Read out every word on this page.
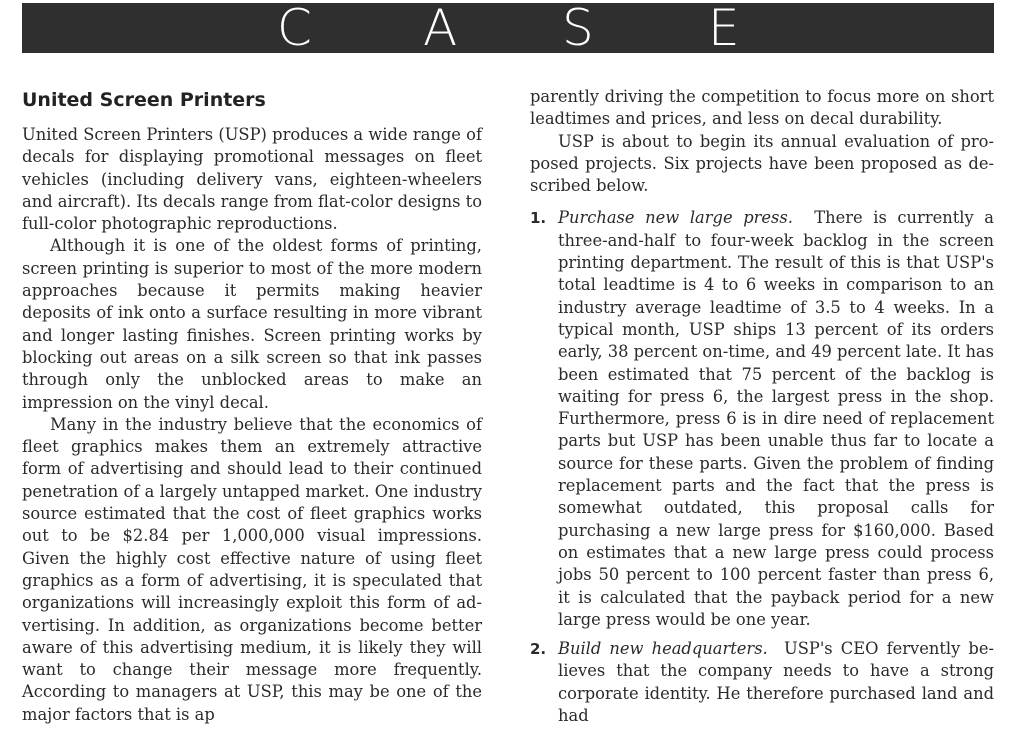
C A S E
United Screen Printers

United Screen Printers (USP) produces a wide range of decals for displaying promotional messages on fleet vehicles (including delivery vans, eighteen-wheelers and aircraft). Its decals range from flat-color designs to full-color photographic reproductions.

Although it is one of the oldest forms of printing, screen printing is superior to most of the more modern approaches because it permits making heavier deposits of ink onto a surface resulting in more vibrant and longer lasting finishes. Screen printing works by blocking out areas on a silk screen so that ink passes through only the unblocked areas to make an impression on the vinyl decal.

Many in the industry believe that the economics of fleet graphics makes them an extremely attractive form of advertising and should lead to their continued penetration of a largely untapped market. One industry source estimated that the cost of fleet graphics works out to be $2.84 per 1,000,000 visual impressions. Given the highly cost effective nature of using fleet graphics as a form of advertising, it is speculated that organizations will increasingly exploit this form of advertising. In addition, as organizations become better aware of this advertising medium, it is likely they will want to change their message more frequently. According to managers at USP, this may be one of the major factors that is ap

parently driving the competition to focus more on short leadtimes and prices, and less on decal durability.

USP is about to begin its annual evaluation of proposed projects. Six projects have been proposed as described below.

1. Purchase new large press. There is currently a three-and-half to four-week backlog in the screen printing department. The result of this is that USP's total leadtime is 4 to 6 weeks in comparison to an industry average leadtime of 3.5 to 4 weeks. In a typical month, USP ships 13 percent of its orders early, 38 percent on-time, and 49 percent late. It has been estimated that 75 percent of the backlog is waiting for press 6, the largest press in the shop. Furthermore, press 6 is in dire need of replacement parts but USP has been unable thus far to locate a source for these parts. Given the problem of finding replacement parts and the fact that the press is somewhat outdated, this proposal calls for purchasing a new large press for $160,000. Based on estimates that a new large press could process jobs 50 percent to 100 percent faster than press 6, it is calculated that the payback period for a new large press would be one year.
2. Build new headquarters. USP's CEO fervently believes that the company needs to have a strong corporate identity. He therefore purchased land and had
